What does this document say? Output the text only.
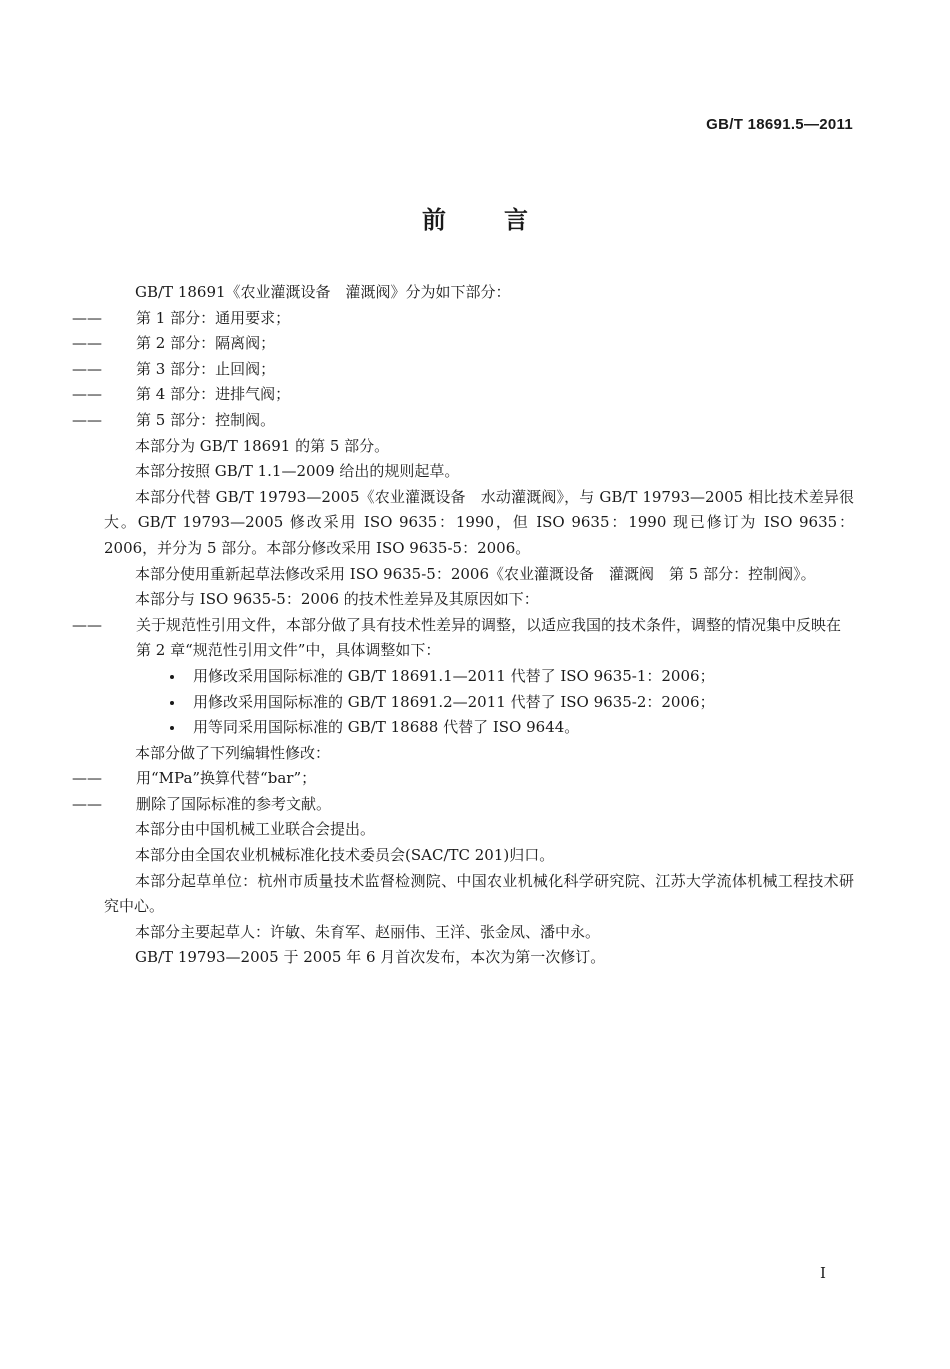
GB/T 18691.5—2011
前言

GB/T 18691《农业灌溉设备　灌溉阀》分为如下部分：

—— 第 1 部分：通用要求；

—— 第 2 部分：隔离阀；

—— 第 3 部分：止回阀；

—— 第 4 部分：进排气阀；

—— 第 5 部分：控制阀。

本部分为 GB/T 18691 的第 5 部分。

本部分按照 GB/T 1.1—2009 给出的规则起草。

本部分代替 GB/T 19793—2005《农业灌溉设备　水动灌溉阀》，与 GB/T 19793—2005 相比技术差异很大。GB/T 19793—2005 修改采用 ISO 9635：1990，但 ISO 9635：1990 现已修订为 ISO 9635：2006，并分为 5 部分。本部分修改采用 ISO 9635-5：2006。

本部分使用重新起草法修改采用 ISO 9635-5：2006《农业灌溉设备　灌溉阀　第 5 部分：控制阀》。

本部分与 ISO 9635-5：2006 的技术性差异及其原因如下：

—— 关于规范性引用文件，本部分做了具有技术性差异的调整，以适应我国的技术条件，调整的情况集中反映在第 2 章“规范性引用文件”中，具体调整如下：

用修改采用国际标准的 GB/T 18691.1—2011 代替了 ISO 9635-1：2006；

用修改采用国际标准的 GB/T 18691.2—2011 代替了 ISO 9635-2：2006；

用等同采用国际标准的 GB/T 18688 代替了 ISO 9644。

本部分做了下列编辑性修改：

—— 用“MPa”换算代替“bar”；

—— 删除了国际标准的参考文献。

本部分由中国机械工业联合会提出。

本部分由全国农业机械标准化技术委员会(SAC/TC 201)归口。

本部分起草单位：杭州市质量技术监督检测院、中国农业机械化科学研究院、江苏大学流体机械工程技术研究中心。

本部分主要起草人：许敏、朱育军、赵丽伟、王洋、张金凤、潘中永。

GB/T 19793—2005 于 2005 年 6 月首次发布，本次为第一次修订。

I
